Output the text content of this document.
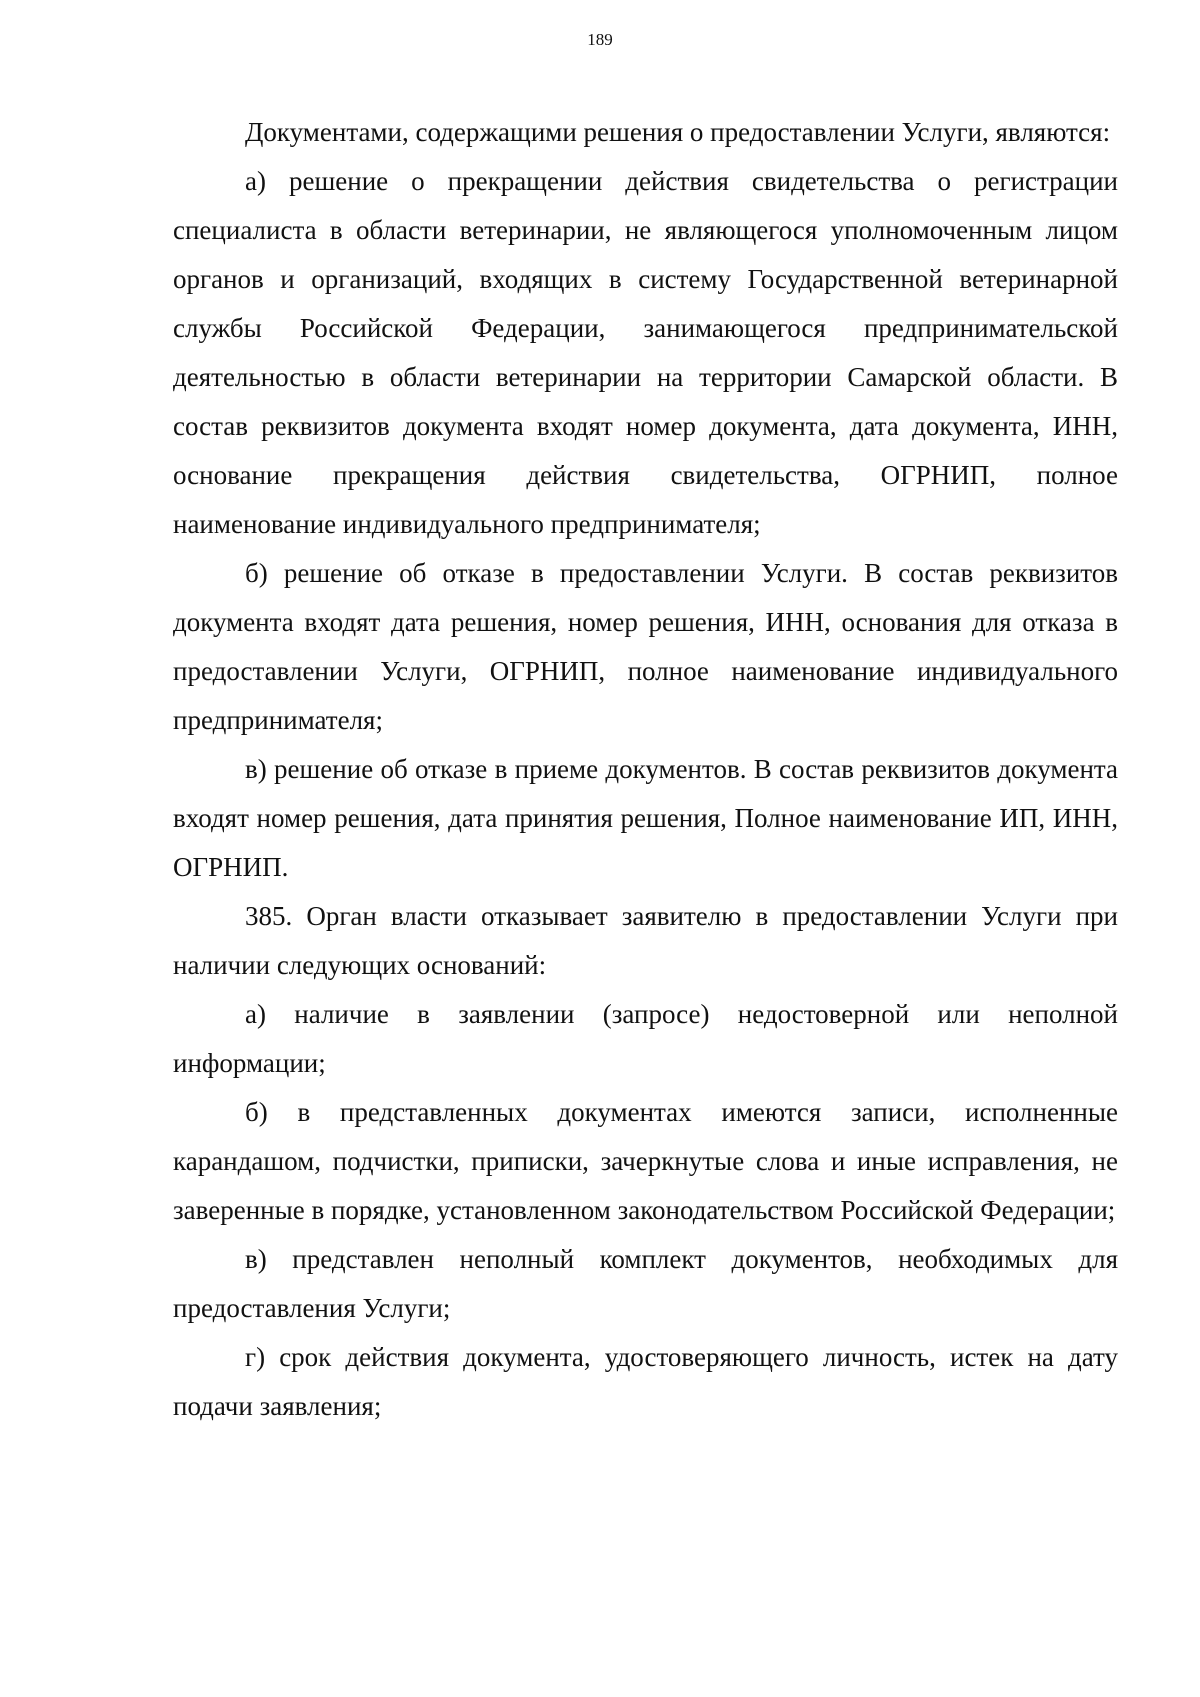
189

Документами, содержащими решения о предоставлении Услуги, являются:

а) решение о прекращении действия свидетельства о регистрации специалиста в области ветеринарии, не являющегося уполномоченным лицом органов и организаций, входящих в систему Государственной ветеринарной службы Российской Федерации, занимающегося предпринимательской деятельностью в области ветеринарии на территории Самарской области. В состав реквизитов документа входят номер документа, дата документа, ИНН, основание прекращения действия свидетельства, ОГРНИП, полное наименование индивидуального предпринимателя;

б) решение об отказе в предоставлении Услуги. В состав реквизитов документа входят дата решения, номер решения, ИНН, основания для отказа в предоставлении Услуги, ОГРНИП, полное наименование индивидуального предпринимателя;

в) решение об отказе в приеме документов. В состав реквизитов документа входят номер решения, дата принятия решения, Полное наименование ИП, ИНН, ОГРНИП.

385. Орган власти отказывает заявителю в предоставлении Услуги при наличии следующих оснований:

а) наличие в заявлении (запросе) недостоверной или неполной информации;

б) в представленных документах имеются записи, исполненные карандашом, подчистки, приписки, зачеркнутые слова и иные исправления, не заверенные в порядке, установленном законодательством Российской Федерации;

в) представлен неполный комплект документов, необходимых для предоставления Услуги;

г) срок действия документа, удостоверяющего личность, истек на дату подачи заявления;
